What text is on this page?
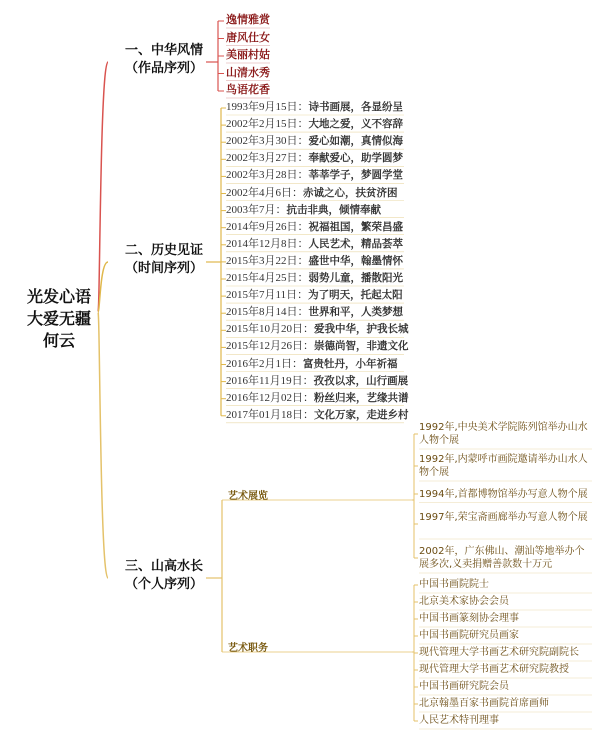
光发心语
大爱无疆
何云
一、中华风情
（作品序列）
二、历史见证
（时间序列）
三、山高水长
（个人序列）
逸情雅赏
唐风仕女
美丽村姑
山清水秀
鸟语花香
1993年9月15日：诗书画展，各显纷呈
2002年2月15日：大地之爱，义不容辞
2002年3月30日：爱心如潮，真情似海
2002年3月27日：奉献爱心，助学圆梦
2002年3月28日：莘莘学子，梦圆学堂
2002年4月6日：赤诚之心，扶贫济困
2003年7月：抗击非典，倾情奉献
2014年9月26日：祝福祖国，繁荣昌盛
2014年12月8日：人民艺术，精品荟萃
2015年3月22日：盛世中华，翰墨情怀
2015年4月25日：弱势儿童，播散阳光
2015年7月11日：为了明天，托起太阳
2015年8月14日：世界和平，人类梦想
2015年10月20日：爱我中华，护我长城
2015年12月26日：崇德尚智，非遗文化
2016年2月1日：富贵牡丹，小年祈福
2016年11月19日：孜孜以求，山行画展
2016年12月02日：粉丝归来，艺缘共谱
2017年01月18日：文化万家，走进乡村
艺术展览
艺术职务
1992年,中央美术学院陈列馆举办山水人物个展
1992年,内蒙呼市画院邀请举办山水人物个展
1994年,首都博物馆举办写意人物个展
1997年,荣宝斋画廊举办写意人物个展
2002年，广东佛山、潮汕等地举办个展多次,义卖捐赠善款数十万元
中国书画院院士
北京美术家协会会员
中国书画篆刻协会理事
中国书画院研究员画家
现代管理大学书画艺术研究院副院长
现代管理大学书画艺术研究院教授
中国书画研究院会员
北京翰墨百家书画院首席画师
人民艺术特刊理事
